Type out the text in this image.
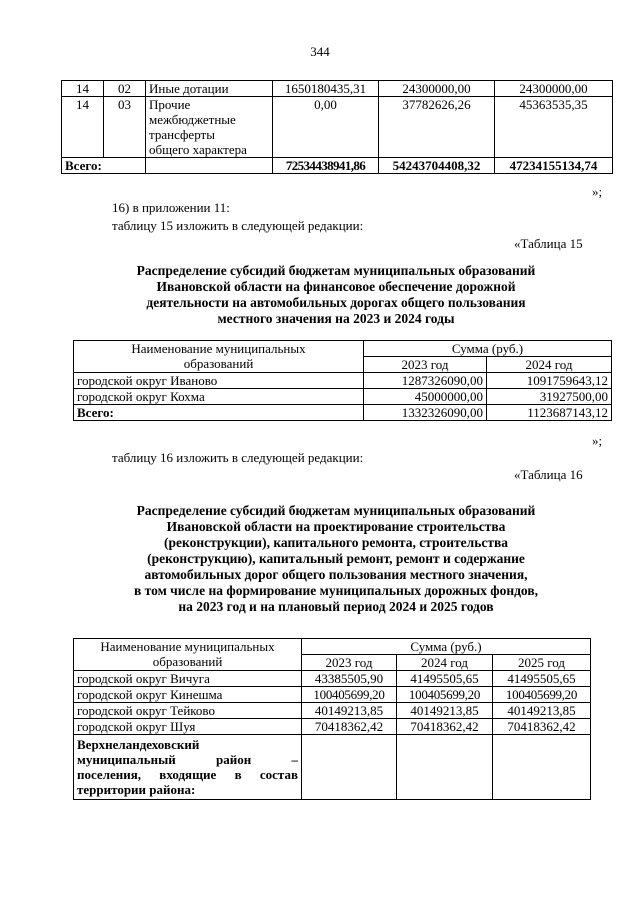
344
14	02	Иные дотации	1650180435,31	24300000,00	24300000,00
14	03	Прочие
межбюджетные
трансферты
общего характера	0,00	37782626,26	45363535,35
Всего:			72534438941,86	54243704408,32	47234155134,74
»;
16) в приложении 11:
таблицу 15 изложить в следующей редакции:
«Таблица 15
Распределение субсидий бюджетам муниципальных образований
Ивановской области на финансовое обеспечение дорожной
деятельности на автомобильных дорогах общего пользования
местного значения на 2023 и 2024 годы
Наименование муниципальных
образований	Сумма (руб.)	
	2023 год	2024 год
городской округ Иваново	1287326090,00	1091759643,12
городской округ Кохма	45000000,00	31927500,00
Всего:	1332326090,00	1123687143,12
»;
таблицу 16 изложить в следующей редакции:
«Таблица 16
Распределение субсидий бюджетам муниципальных образований
Ивановской области на проектирование строительства
(реконструкции), капитального ремонта, строительства
(реконструкцию), капитальный ремонт, ремонт и содержание
автомобильных дорог общего пользования местного значения,
в том числе на формирование муниципальных дорожных фондов,
на 2023 год и на плановый период 2024 и 2025 годов
Наименование муниципальных
образований	Сумма (руб.)		
	2023 год	2024 год	2025 год
городской округ Вичуга	43385505,90	41495505,65	41495505,65
городской округ Кинешма	100405699,20	100405699,20	100405699,20
городской округ Тейково	40149213,85	40149213,85	40149213,85
городской округ Шуя	70418362,42	70418362,42	70418362,42

Верхнеландеховский
муниципальный район –
поселения, входящие в состав
территории района:			
